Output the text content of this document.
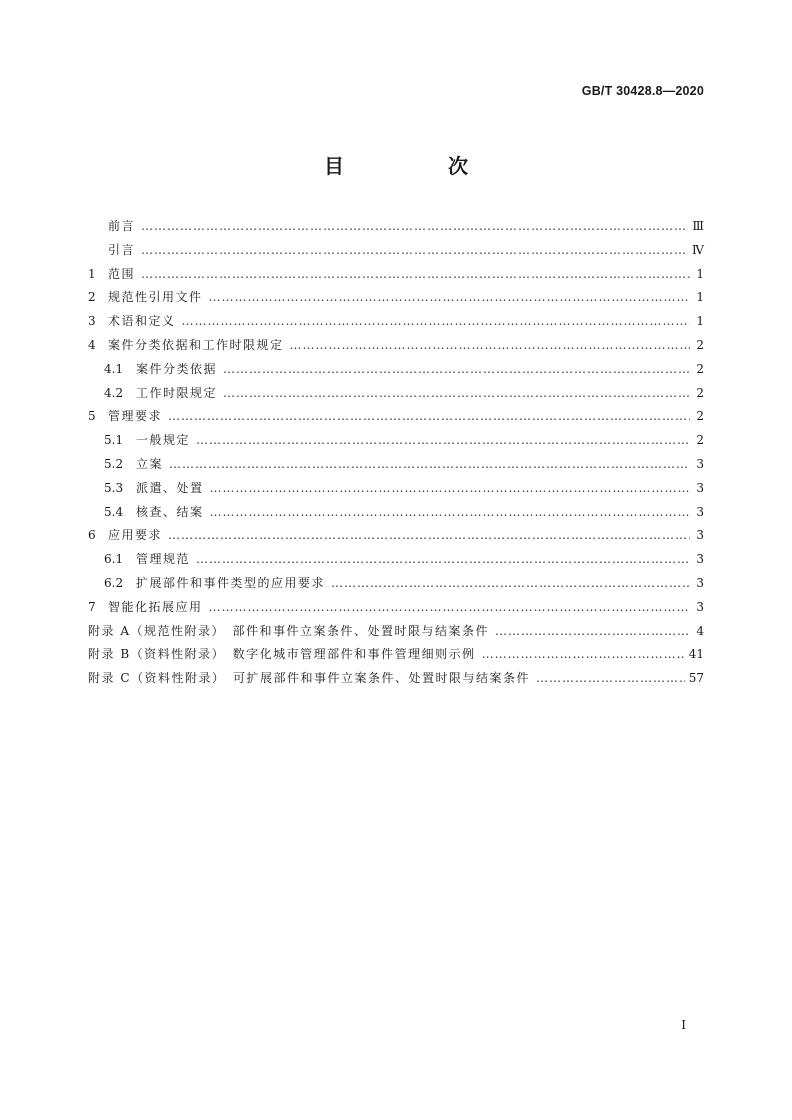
GB/T 30428.8—2020
目　次
前言 ………………………………………………………………………………………………………………………………………………………………………………………………………………	Ⅲ
引言 ………………………………………………………………………………………………………………………………………………………………………………………………………………	Ⅳ
1	范围 ………………………………………………………………………………………………………………………………………………………………………………………………………………	1
2	规范性引用文件 ………………………………………………………………………………………………………………………………………………………………………………………………………………	1
3	术语和定义 ………………………………………………………………………………………………………………………………………………………………………………………………………………	1
4	案件分类依据和工作时限规定 ………………………………………………………………………………………………………………………………………………………………………………………………………………	2
4.1	案件分类依据 ………………………………………………………………………………………………………………………………………………………………………………………………………………	2
4.2	工作时限规定 ………………………………………………………………………………………………………………………………………………………………………………………………………………	2
5	管理要求 ………………………………………………………………………………………………………………………………………………………………………………………………………………	2
5.1	一般规定 ………………………………………………………………………………………………………………………………………………………………………………………………………………	2
5.2	立案 ………………………………………………………………………………………………………………………………………………………………………………………………………………	3
5.3	派遣、处置 ………………………………………………………………………………………………………………………………………………………………………………………………………………	3
5.4	核查、结案 ………………………………………………………………………………………………………………………………………………………………………………………………………………	3
6	应用要求 ………………………………………………………………………………………………………………………………………………………………………………………………………………	3
6.1	管理规范 ………………………………………………………………………………………………………………………………………………………………………………………………………………	3
6.2	扩展部件和事件类型的应用要求 ………………………………………………………………………………………………………………………………………………………………………………………………………………	3
7	智能化拓展应用 ………………………………………………………………………………………………………………………………………………………………………………………………………………	3
附录 A（规范性附录）　部件和事件立案条件、处置时限与结案条件 ………………………………………………………………………………………………………………………………………………………………………………………………………………	4
附录 B（资料性附录）　数字化城市管理部件和事件管理细则示例 ………………………………………………………………………………………………………………………………………………………………………………………………………………	41
附录 C（资料性附录）　可扩展部件和事件立案条件、处置时限与结案条件 ………………………………………………………………………………………………………………………………………………………………………………………………………………	57
I
